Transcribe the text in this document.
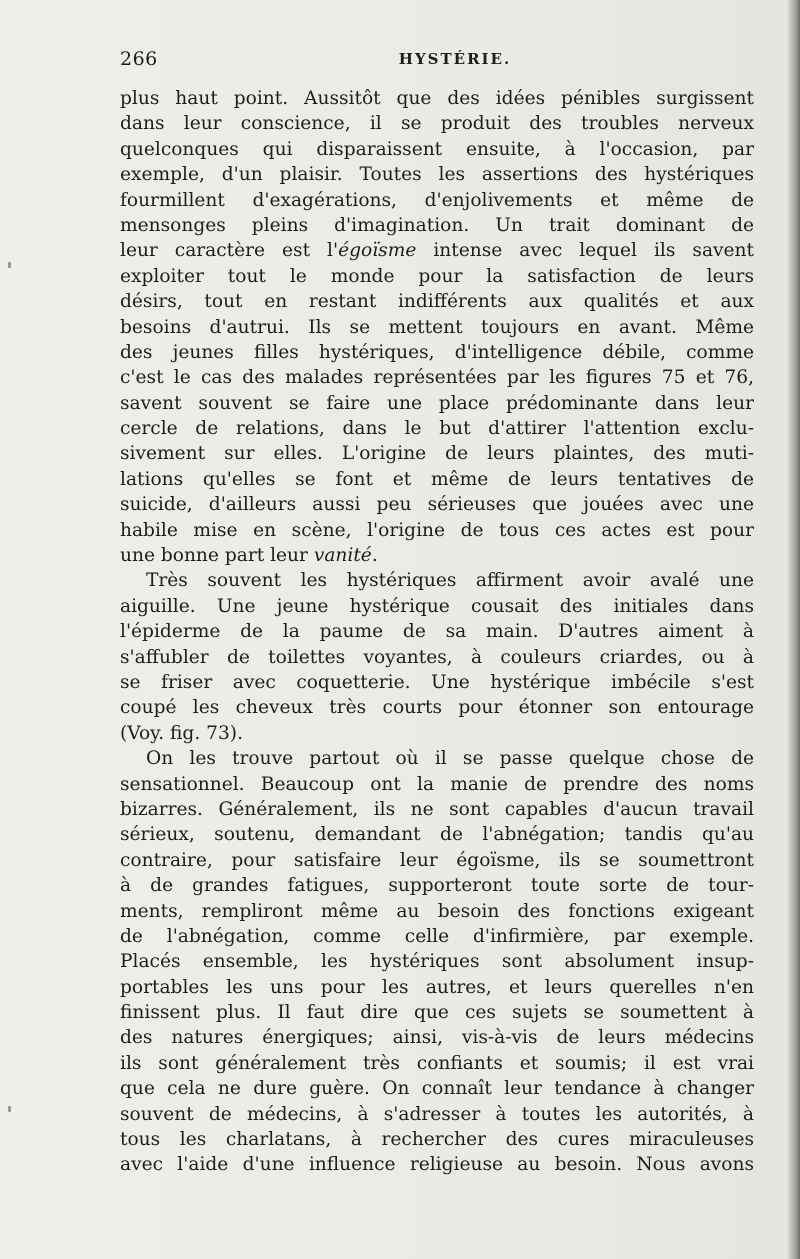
266	HYSTÉRIE.
plus haut point. Aussitôt que des idées pénibles surgissent
dans leur conscience, il se produit des troubles nerveux
quelconques qui disparaissent ensuite, à l'occasion, par
exemple, d'un plaisir. Toutes les assertions des hystériques
fourmillent d'exagérations, d'enjolivements et même de
mensonges pleins d'imagination. Un trait dominant de
leur caractère est l'égoïsme intense avec lequel ils savent
exploiter tout le monde pour la satisfaction de leurs
désirs, tout en restant indifférents aux qualités et aux
besoins d'autrui. Ils se mettent toujours en avant. Même
des jeunes filles hystériques, d'intelligence débile, comme
c'est le cas des malades représentées par les figures 75 et 76,
savent souvent se faire une place prédominante dans leur
cercle de relations, dans le but d'attirer l'attention exclu-
sivement sur elles. L'origine de leurs plaintes, des muti-
lations qu'elles se font et même de leurs tentatives de
suicide, d'ailleurs aussi peu sérieuses que jouées avec une
habile mise en scène, l'origine de tous ces actes est pour
une bonne part leur vanité.
Très souvent les hystériques affirment avoir avalé une
aiguille. Une jeune hystérique cousait des initiales dans
l'épiderme de la paume de sa main. D'autres aiment à
s'affubler de toilettes voyantes, à couleurs criardes, ou à
se friser avec coquetterie. Une hystérique imbécile s'est
coupé les cheveux très courts pour étonner son entourage
(Voy. fig. 73).
On les trouve partout où il se passe quelque chose de
sensationnel. Beaucoup ont la manie de prendre des noms
bizarres. Généralement, ils ne sont capables d'aucun travail
sérieux, soutenu, demandant de l'abnégation; tandis qu'au
contraire, pour satisfaire leur égoïsme, ils se soumettront
à de grandes fatigues, supporteront toute sorte de tour-
ments, rempliront même au besoin des fonctions exigeant
de l'abnégation, comme celle d'infirmière, par exemple.
Placés ensemble, les hystériques sont absolument insup-
portables les uns pour les autres, et leurs querelles n'en
finissent plus. Il faut dire que ces sujets se soumettent à
des natures énergiques; ainsi, vis-à-vis de leurs médecins
ils sont généralement très confiants et soumis; il est vrai
que cela ne dure guère. On connaît leur tendance à changer
souvent de médecins, à s'adresser à toutes les autorités, à
tous les charlatans, à rechercher des cures miraculeuses
avec l'aide d'une influence religieuse au besoin. Nous avons
